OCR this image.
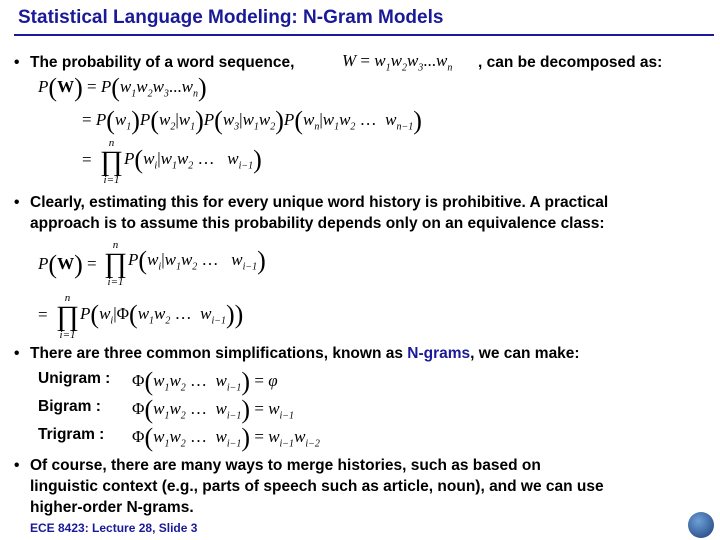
Statistical Language Modeling: N-Gram Models
• The probability of a word sequence,	, can be decomposed as:
$W = w_1w_2w_3...w_n$
$P(W) = P(w_1w_2w_3...w_n)$
= $P(w_1)P(w_2|w_1)P(w_3|w_1w_2)P(w_n|w_1w_2$ …  $w_{n-1}$)
=
n
∏
i=1
$P(w_i|w_1w_2$ …   $w_{i-1}$)
• Clearly, estimating this for every unique word history is prohibitive. A practical
approach is to assume this probability depends only on an equivalence class:
P(W) =
n
∏
i=1
$P(w_i|w_1w_2$ …   $w_{i-1}$)
=
n
∏
i=1
$P(w_i|\Phi(w_1w_2$ …  $w_{i-1}$))
• There are three common simplifications, known as N-grams, we can make:
Unigram : $\Phi(w_1w_2$ …  $w_{i-1}) = \varphi$
Bigram : $\Phi(w_1w_2$ …  $w_{i-1}) = w_{i-1}$
Trigram : $\Phi(w_1w_2$ …  $w_{i-1}) = w_{i-1}w_{i-2}$
• Of course, there are many ways to merge histories, such as based on
linguistic context (e.g., parts of speech such as article, noun), and we can use
higher-order N-grams.
ECE 8423: Lecture 28, Slide 3
